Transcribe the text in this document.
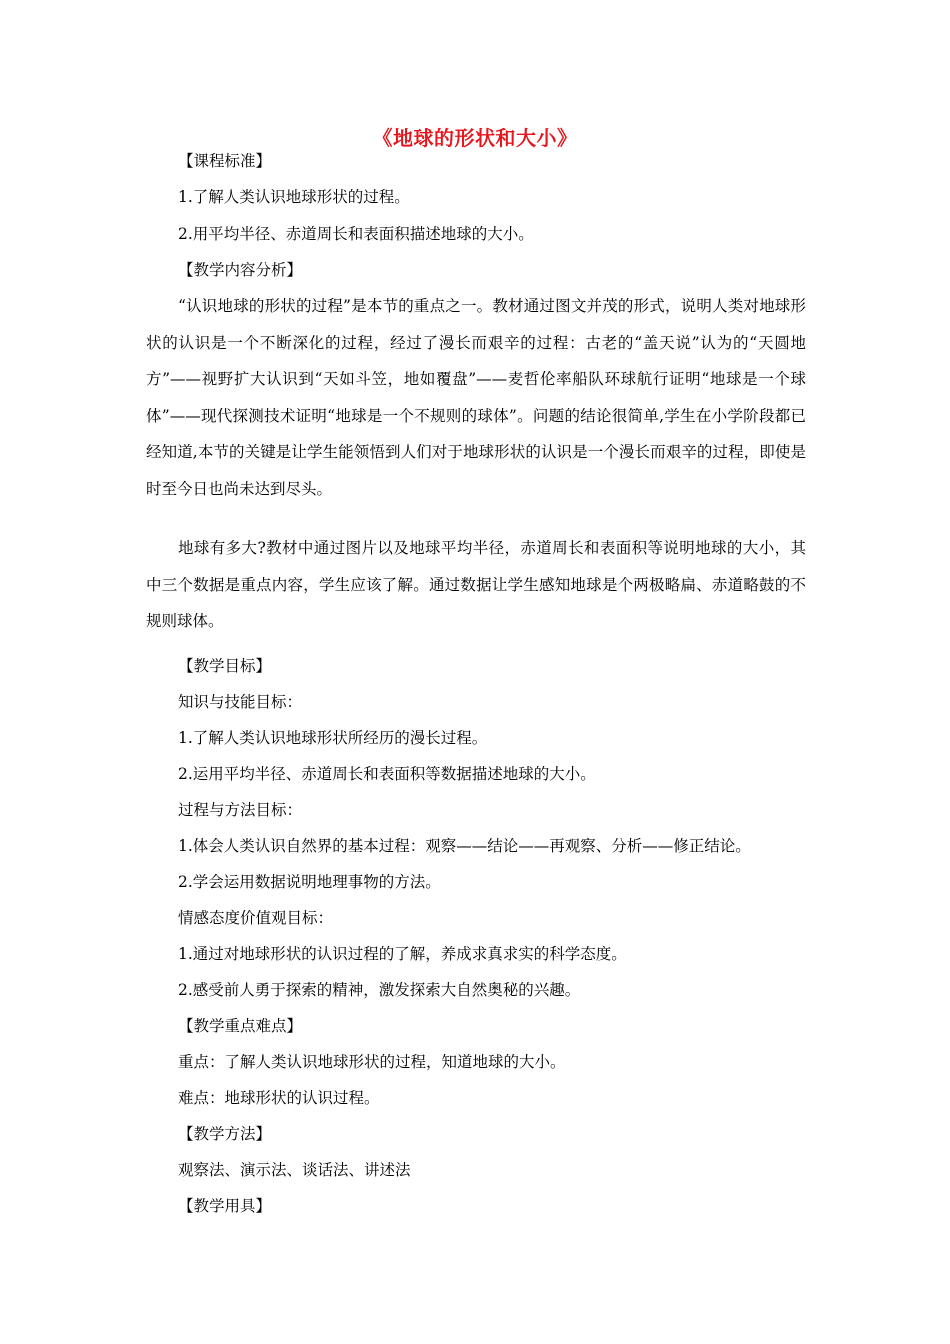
《地球的形状和大小》
【课程标准】
1.了解人类认识地球形状的过程。
2.用平均半径、赤道周长和表面积描述地球的大小。
【教学内容分析】
“认识地球的形状的过程”是本节的重点之一。教材通过图文并茂的形式，说明人类对地球形状的认识是一个不断深化的过程，经过了漫长而艰辛的过程：古老的“盖天说”认为的“天圆地方”——视野扩大认识到“天如斗笠，地如覆盘”——麦哲伦率船队环球航行证明“地球是一个球体”——现代探测技术证明“地球是一个不规则的球体”。问题的结论很简单,学生在小学阶段都已经知道,本节的关键是让学生能领悟到人们对于地球形状的认识是一个漫长而艰辛的过程，即使是时至今日也尚未达到尽头。
地球有多大?教材中通过图片以及地球平均半径，赤道周长和表面积等说明地球的大小，其中三个数据是重点内容，学生应该了解。通过数据让学生感知地球是个两极略扁、赤道略鼓的不规则球体。
【教学目标】
知识与技能目标：
1.了解人类认识地球形状所经历的漫长过程。
2.运用平均半径、赤道周长和表面积等数据描述地球的大小。
过程与方法目标：
1.体会人类认识自然界的基本过程：观察——结论——再观察、分析——修正结论。
2.学会运用数据说明地理事物的方法。
情感态度价值观目标：
1.通过对地球形状的认识过程的了解，养成求真求实的科学态度。
2.感受前人勇于探索的精神，激发探索大自然奥秘的兴趣。
【教学重点难点】
重点：了解人类认识地球形状的过程，知道地球的大小。
难点：地球形状的认识过程。
【教学方法】
观察法、演示法、谈话法、讲述法
【教学用具】
